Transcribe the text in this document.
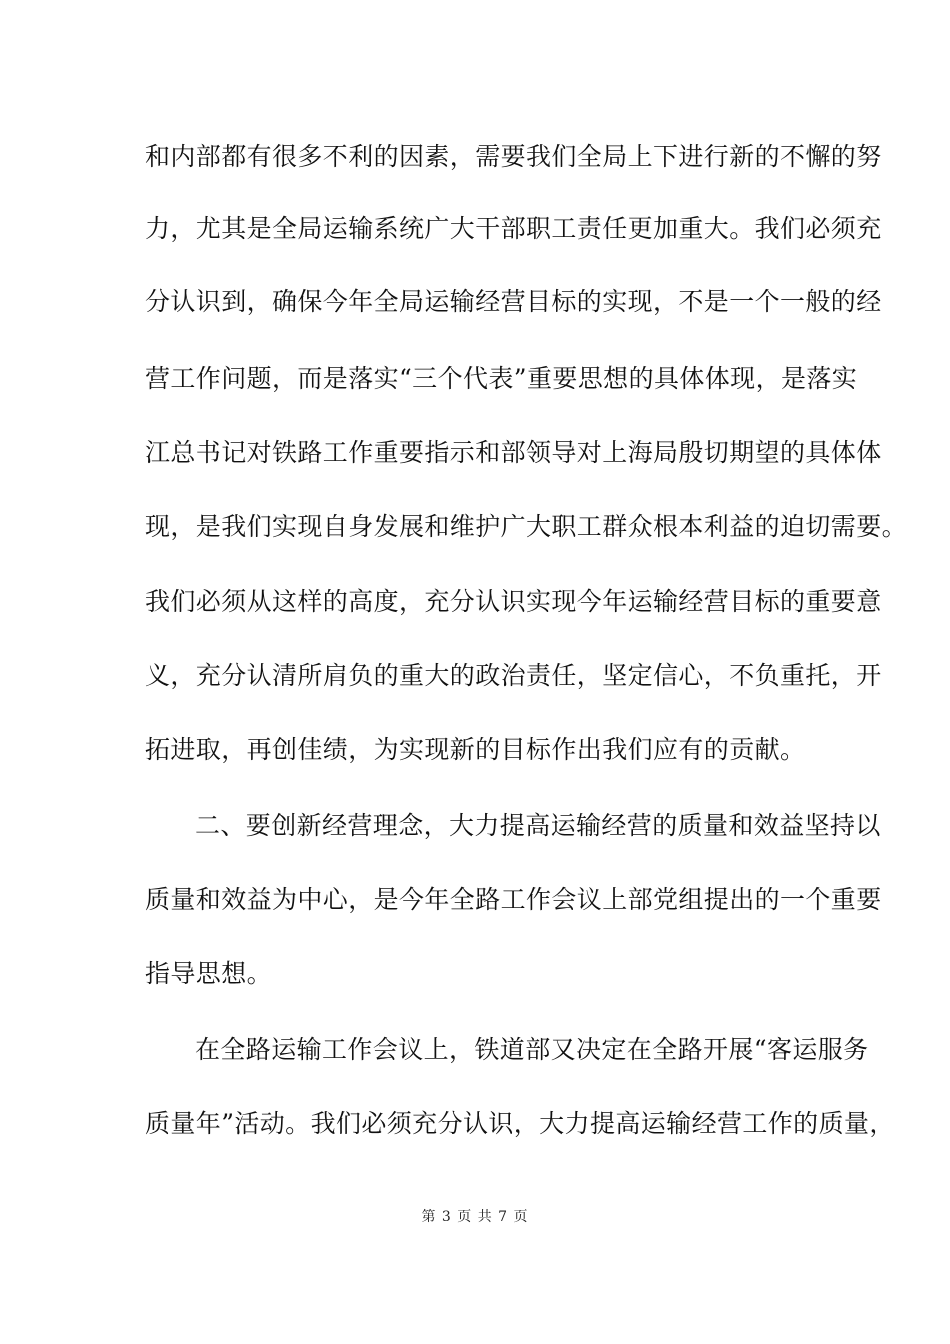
和内部都有很多不利的因素，需要我们全局上下进行新的不懈的努
力，尤其是全局运输系统广大干部职工责任更加重大。我们必须充
分认识到，确保今年全局运输经营目标的实现，不是一个一般的经
营工作问题，而是落实“三个代表”重要思想的具体体现，是落实
江总书记对铁路工作重要指示和部领导对上海局殷切期望的具体体
现，是我们实现自身发展和维护广大职工群众根本利益的迫切需要。
我们必须从这样的高度，充分认识实现今年运输经营目标的重要意
义，充分认清所肩负的重大的政治责任，坚定信心，不负重托，开
拓进取，再创佳绩，为实现新的目标作出我们应有的贡献。
二、要创新经营理念，大力提高运输经营的质量和效益坚持以
质量和效益为中心，是今年全路工作会议上部党组提出的一个重要
指导思想。
在全路运输工作会议上，铁道部又决定在全路开展“客运服务
质量年”活动。我们必须充分认识，大力提高运输经营工作的质量，
第 3 页 共 7 页
